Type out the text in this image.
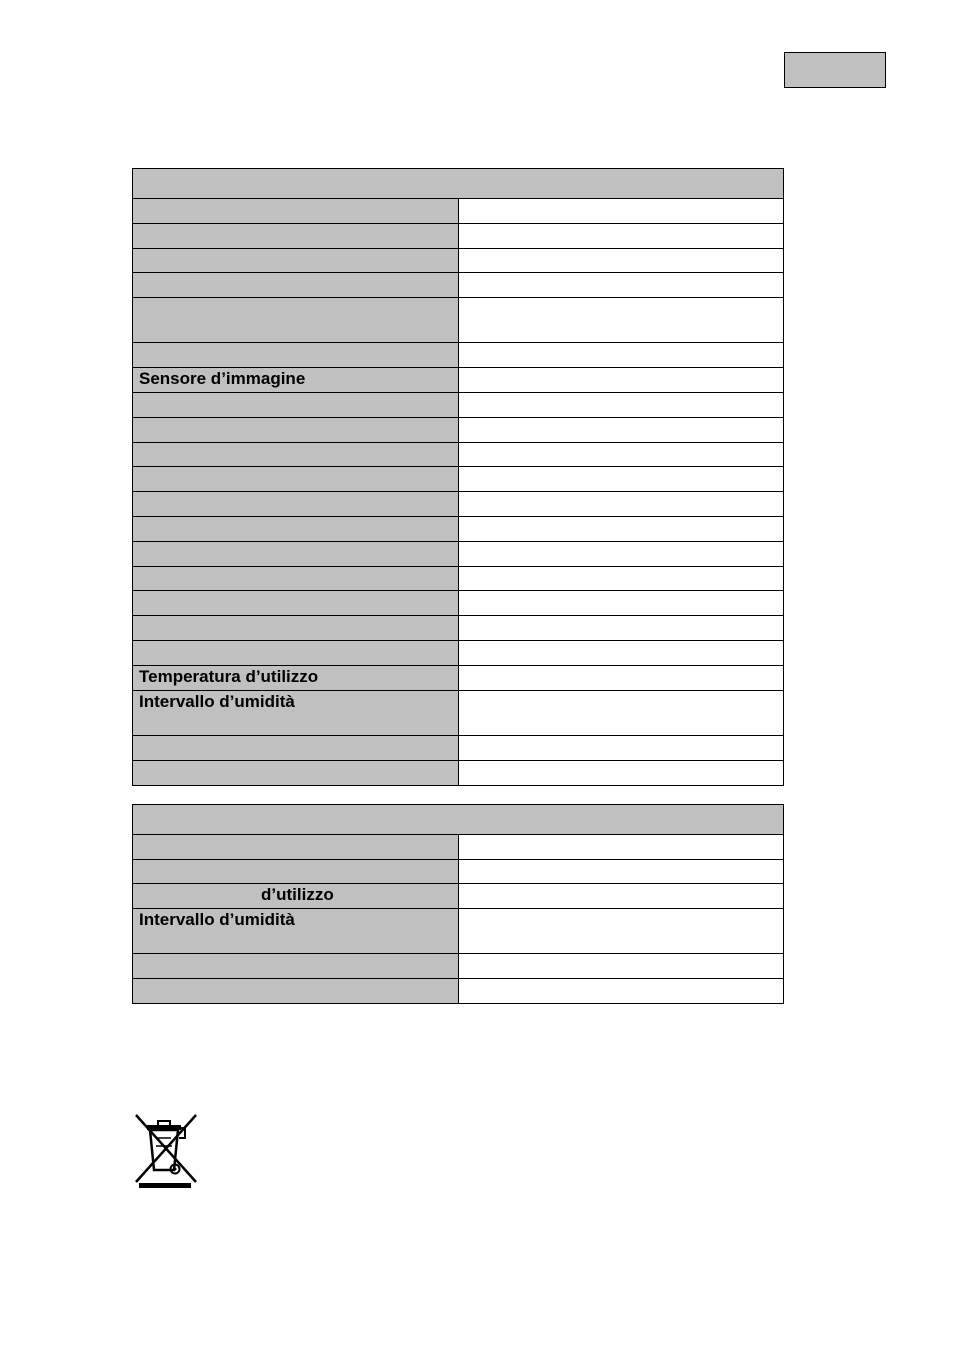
Sensore d’immagine	

Temperatura d’utilizzo	
Intervallo d’umidità	

d’utilizzo	
Intervallo d’umidità	
